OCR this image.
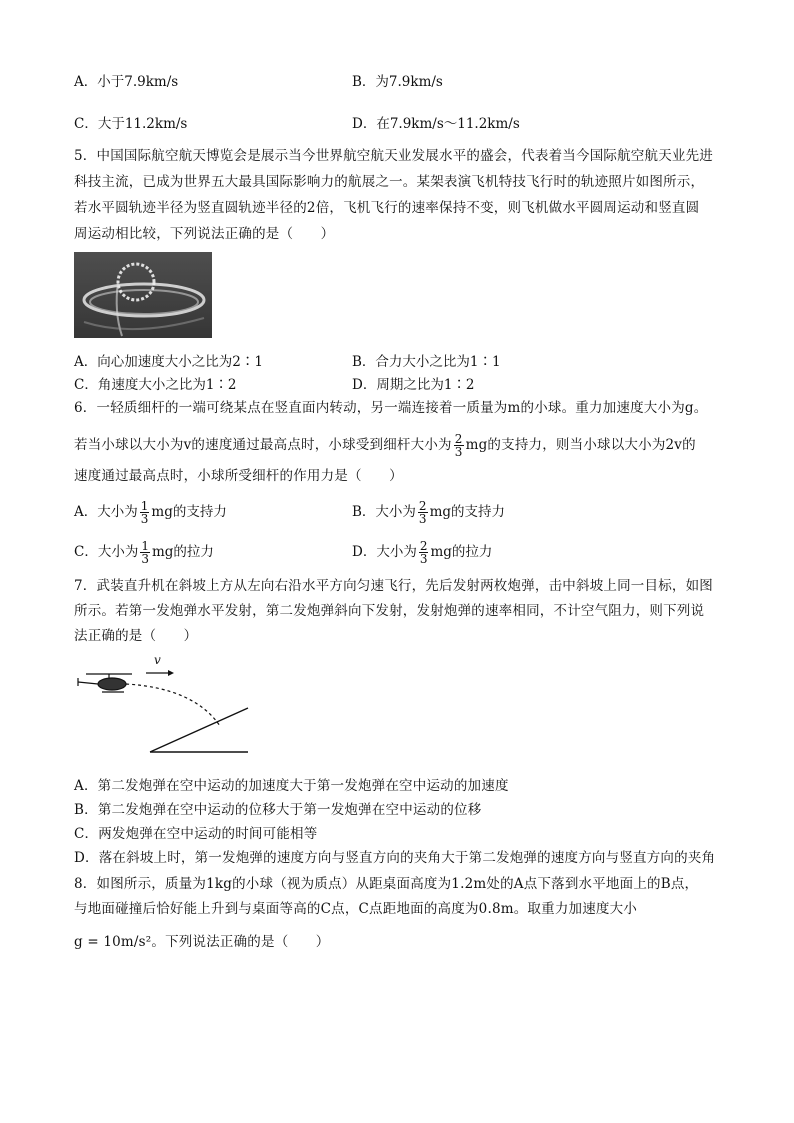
A．小于7.9km/s	B．为7.9km/s
C．大于11.2km/s	D．在7.9km/s～11.2km/s
5．中国国际航空航天博览会是展示当今世界航空航天业发展水平的盛会，代表着当今国际航空航天业先进
科技主流，已成为世界五大最具国际影响力的航展之一。某架表演飞机特技飞行时的轨迹照片如图所示，
若水平圆轨迹半径为竖直圆轨迹半径的2倍，飞机飞行的速率保持不变，则飞机做水平圆周运动和竖直圆
周运动相比较，下列说法正确的是（　　）
A．向心加速度大小之比为2∶1	B．合力大小之比为1∶1
C．角速度大小之比为1∶2	D．周期之比为1∶2
6．一轻质细杆的一端可绕某点在竖直面内转动，另一端连接着一质量为m的小球。重力加速度大小为g。
若当小球以大小为v的速度通过最高点时，小球受到细杆大小为 $\frac{2}{3}$ mg的支持力，则当小球以大小为2v的
速度通过最高点时，小球所受细杆的作用力是（　　）
A．大小为 $\frac{1}{3}$ mg的支持力	B．大小为 $\frac{2}{3}$ mg的支持力
C．大小为 $\frac{1}{3}$ mg的拉力	D．大小为 $\frac{2}{3}$ mg的拉力
7．武装直升机在斜坡上方从左向右沿水平方向匀速飞行，先后发射两枚炮弹，击中斜坡上同一目标，如图
所示。若第一发炮弹水平发射，第二发炮弹斜向下发射，发射炮弹的速率相同，不计空气阻力，则下列说
法正确的是（　　）
v
A．第二发炮弹在空中运动的加速度大于第一发炮弹在空中运动的加速度
B．第二发炮弹在空中运动的位移大于第一发炮弹在空中运动的位移
C．两发炮弹在空中运动的时间可能相等
D．落在斜坡上时，第一发炮弹的速度方向与竖直方向的夹角大于第二发炮弹的速度方向与竖直方向的夹角
8．如图所示，质量为1kg的小球（视为质点）从距桌面高度为1.2m处的A点下落到水平地面上的B点，
与地面碰撞后恰好能上升到与桌面等高的C点，C点距地面的高度为0.8m。取重力加速度大小
g = 10m/s²。下列说法正确的是（　　）
